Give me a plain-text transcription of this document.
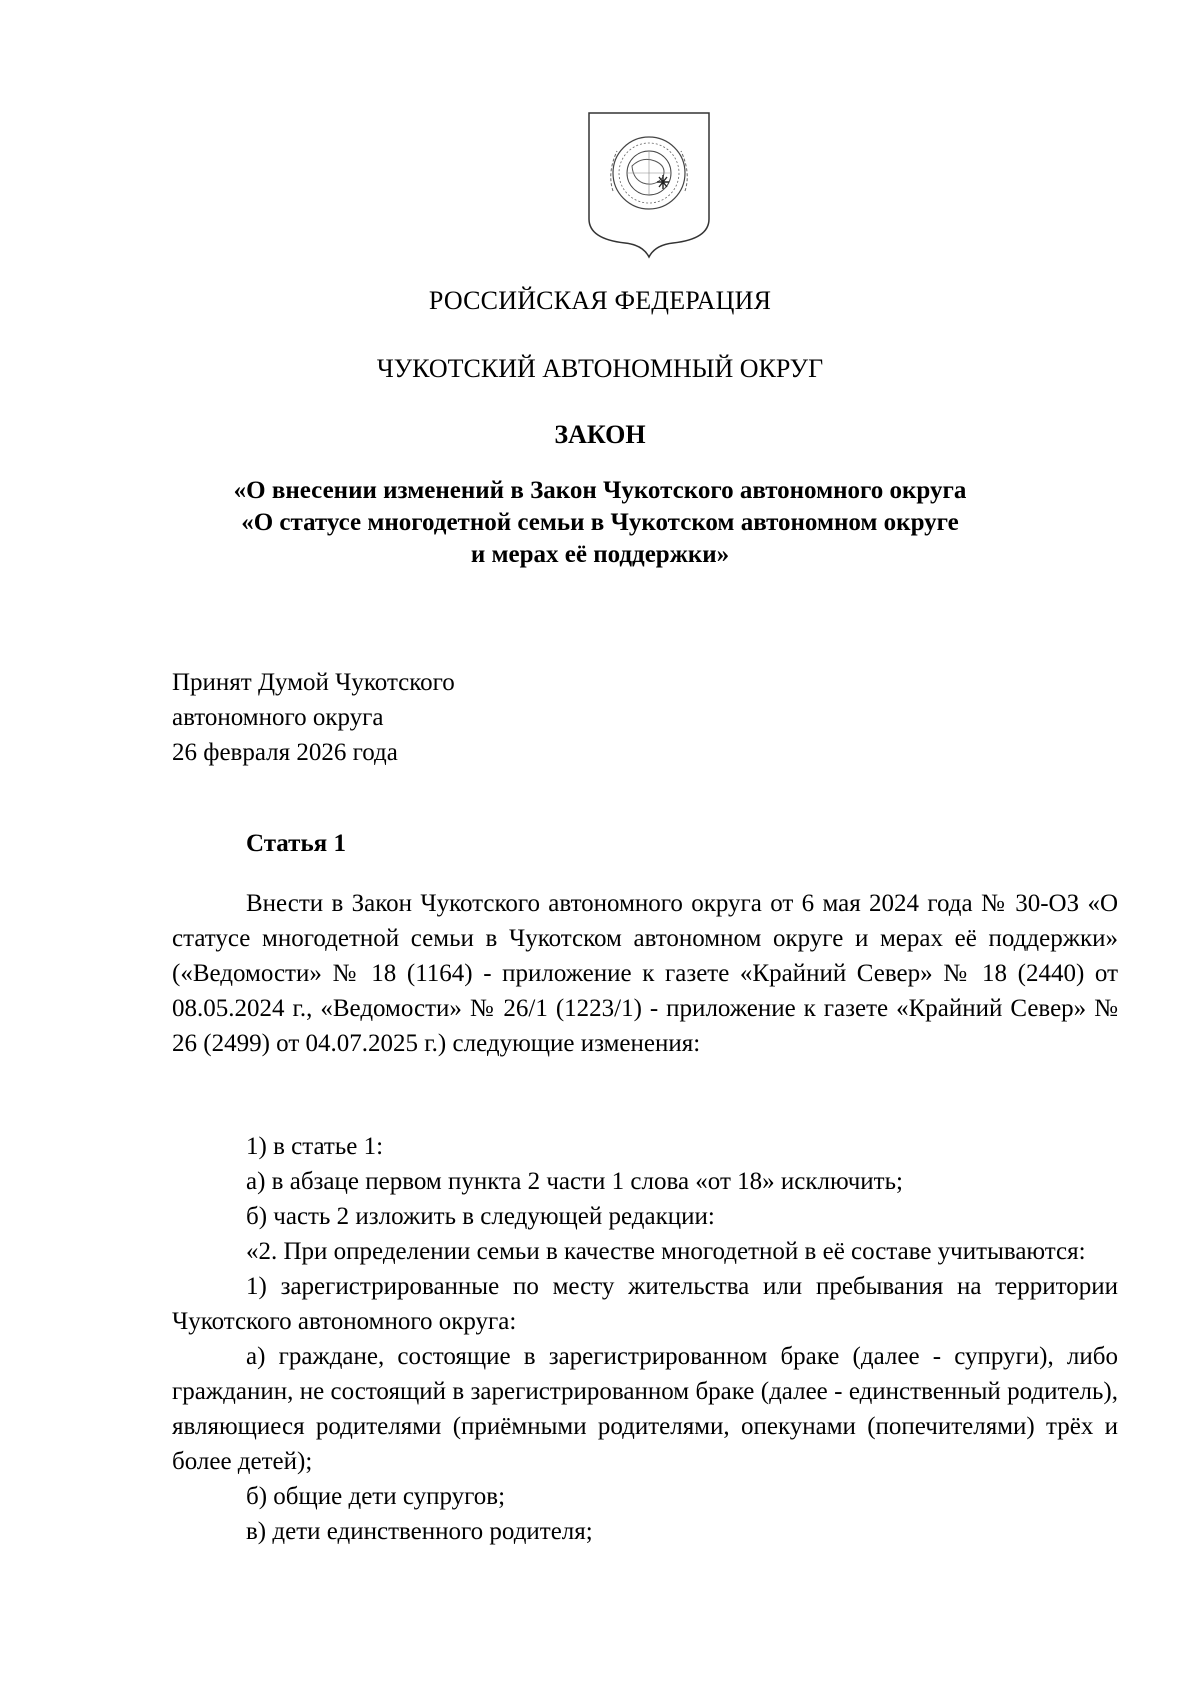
РОССИЙСКАЯ ФЕДЕРАЦИЯ
ЧУКОТСКИЙ АВТОНОМНЫЙ ОКРУГ
ЗАКОН
«О внесении изменений в Закон Чукотского автономного округа
«О статусе многодетной семьи в Чукотском автономном округе
и мерах её поддержки»
Принят Думой Чукотского
автономного округа
26 февраля 2026 года
Статья 1

Внести в Закон Чукотского автономного округа от 6 мая 2024 года № 30-ОЗ «О статусе многодетной семьи в Чукотском автономном округе и мерах её поддержки» («Ведомости» № 18 (1164) - приложение к газете «Крайний Север» № 18 (2440) от 08.05.2024 г., «Ведомости» № 26/1 (1223/1) - приложение к газете «Крайний Север» № 26 (2499) от 04.07.2025 г.) следующие изменения:

1) в статье 1:

а) в абзаце первом пункта 2 части 1 слова «от 18» исключить;

б) часть 2 изложить в следующей редакции:

«2. При определении семьи в качестве многодетной в её составе учитываются:

1) зарегистрированные по месту жительства или пребывания на территории Чукотского автономного округа:

а) граждане, состоящие в зарегистрированном браке (далее - супруги), либо гражданин, не состоящий в зарегистрированном браке (далее - единственный родитель), являющиеся родителями (приёмными родителями, опекунами (попечителями) трёх и более детей);

б) общие дети супругов;

в) дети единственного родителя;
